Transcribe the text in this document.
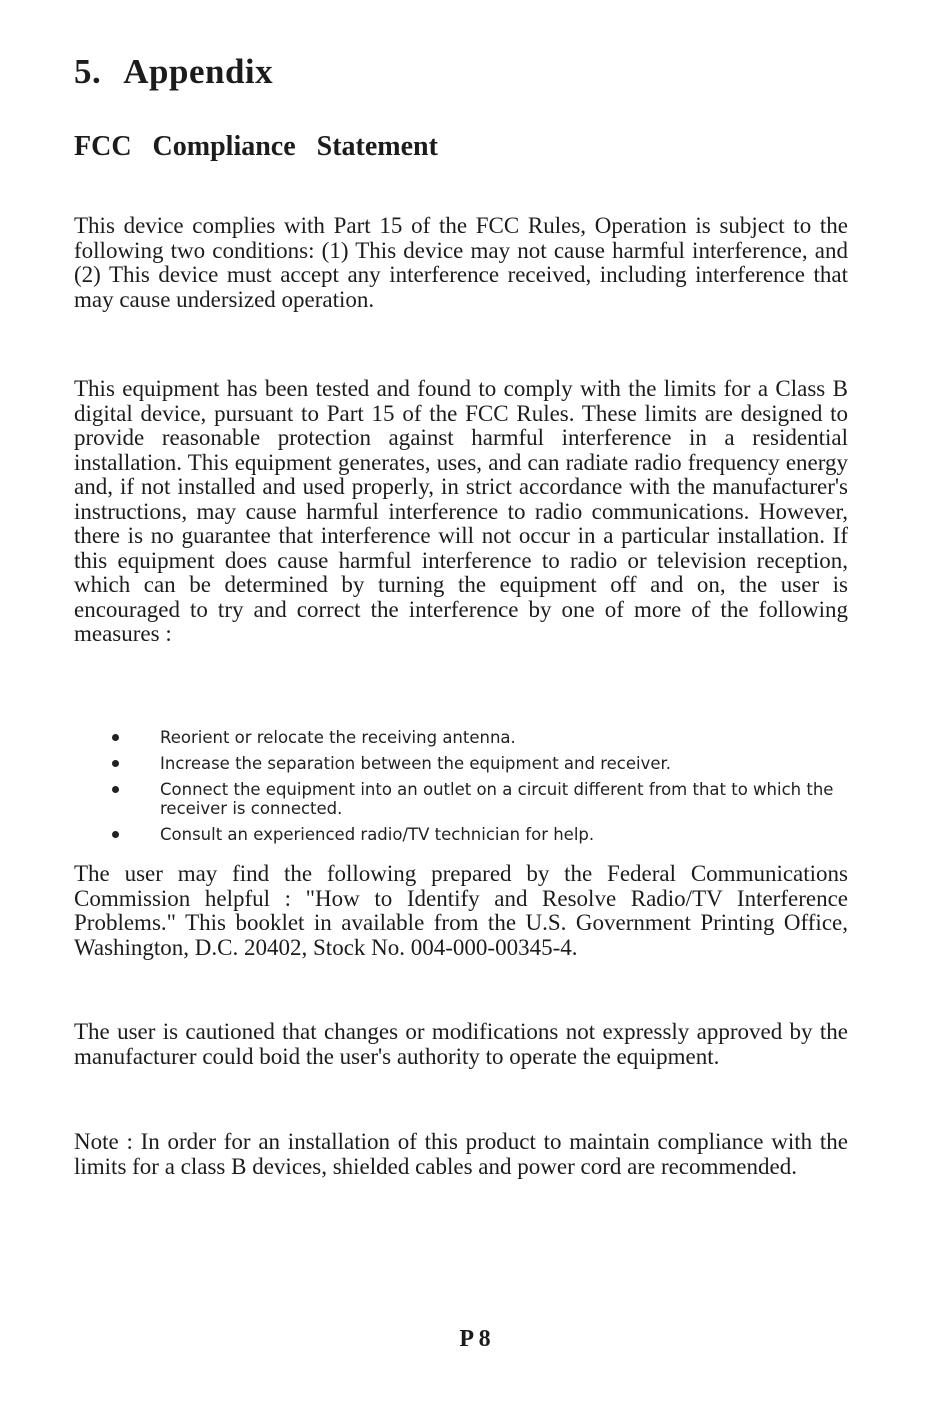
5. Appendix
FCC Compliance Statement

This device complies with Part 15 of the FCC Rules, Operation is subject to the following two conditions: (1) This device may not cause harmful interference, and (2) This device must accept any interference received, including interference that may cause undersized operation.

This equipment has been tested and found to comply with the limits for a Class B digital device, pursuant to Part 15 of the FCC Rules. These limits are designed to provide reasonable protection against harmful interference in a residential installation. This equipment generates, uses, and can radiate radio frequency energy and, if not installed and used properly, in strict accordance with the manufacturer's instructions, may cause harmful interference to radio communications. However, there is no guarantee that interference will not occur in a particular installation. If this equipment does cause harmful interference to radio or television reception, which can be determined by turning the equipment off and on, the user is encouraged to try and correct the interference by one of more of the following measures :

Reorient or relocate the receiving antenna.
Increase the separation between the equipment and receiver.
Connect the equipment into an outlet on a circuit different from that to which the receiver is connected.
Consult an experienced radio/TV technician for help.

The user may find the following prepared by the Federal Communications Commission helpful : "How to Identify and Resolve Radio/TV Interference Problems." This booklet in available from the U.S. Government Printing Office, Washington, D.C. 20402, Stock No. 004-000-00345-4.

The user is cautioned that changes or modifications not expressly approved by the manufacturer could boid the user's authority to operate the equipment.

Note : In order for an installation of this product to maintain compliance with the limits for a class B devices, shielded cables and power cord are recommended.

P 8
